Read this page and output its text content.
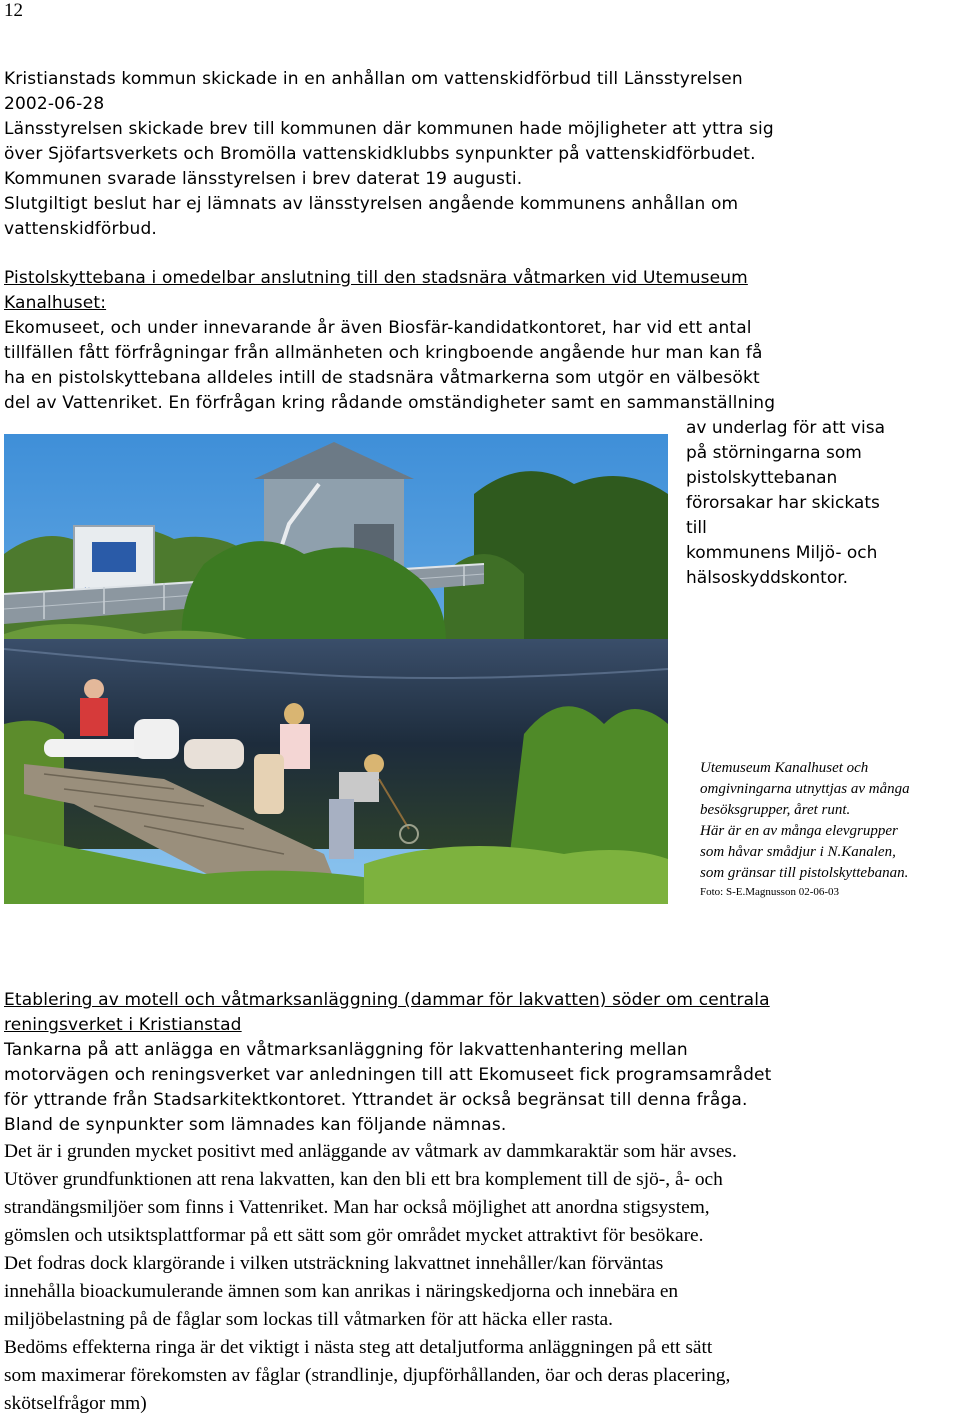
12
Kristianstads kommun skickade in en anhållan om vattenskidförbud till Länsstyrelsen
2002-06-28
Länsstyrelsen skickade brev till kommunen där kommunen hade möjligheter att yttra sig
över Sjöfartsverkets och Bromölla vattenskidklubbs synpunkter på vattenskidförbudet.
Kommunen svarade länsstyrelsen i brev daterat 19 augusti.
Slutgiltigt beslut har ej lämnats av länsstyrelsen angående kommunens anhållan om
vattenskidförbud.
Pistolskyttebana i omedelbar anslutning till den stadsnära våtmarken vid Utemuseum
Kanalhuset:
Ekomuseet, och under innevarande år även Biosfär-kandidatkontoret, har vid ett antal
tillfällen fått förfrågningar från allmänheten och kringboende angående hur man kan få
ha en pistolskyttebana alldeles intill de stadsnära våtmarkerna som utgör en välbesökt
del av Vattenriket. En förfrågan kring rådande omständigheter samt en sammanställning
av underlag för att visa
på störningarna som
pistolskyttebanan
förorsakar har skickats
till
kommunens Miljö- och
hälsoskyddskontor.
Utemuseum Kanalhuset och
omgivningarna utnyttjas av många
besöksgrupper, året runt.
Här är en av många elevgrupper
som håvar smådjur i N.Kanalen,
som gränsar till pistolskyttebanan.
Foto: S-E.Magnusson 02-06-03
Etablering av motell och våtmarksanläggning (dammar för lakvatten) söder om centrala
reningsverket i Kristianstad
Tankarna på att anlägga en våtmarksanläggning för lakvattenhantering mellan
motorvägen och reningsverket var anledningen till att Ekomuseet fick programsamrådet
för yttrande från Stadsarkitektkontoret. Yttrandet är också begränsat till denna fråga.
Bland de synpunkter som lämnades kan följande nämnas.
Det är i grunden mycket positivt med anläggande av våtmark av dammkaraktär som här avses.
Utöver grundfunktionen att rena lakvatten, kan den bli ett bra komplement till de sjö-, å- och
strandängsmiljöer som finns i Vattenriket. Man har också möjlighet att anordna stigsystem,
gömslen och utsiktsplattformar på ett sätt som gör området mycket attraktivt för besökare.
Det fodras dock klargörande i vilken utsträckning lakvattnet innehåller/kan förväntas
innehålla bioackumulerande ämnen som kan anrikas i näringskedjorna och innebära en
miljöbelastning på de fåglar som lockas till våtmarken för att häcka eller rasta.
Bedöms effekterna ringa är det viktigt i nästa steg att detaljutforma anläggningen på ett sätt
som maximerar förekomsten av fåglar (strandlinje, djupförhållanden, öar och deras placering,
skötselfrågor mm)
